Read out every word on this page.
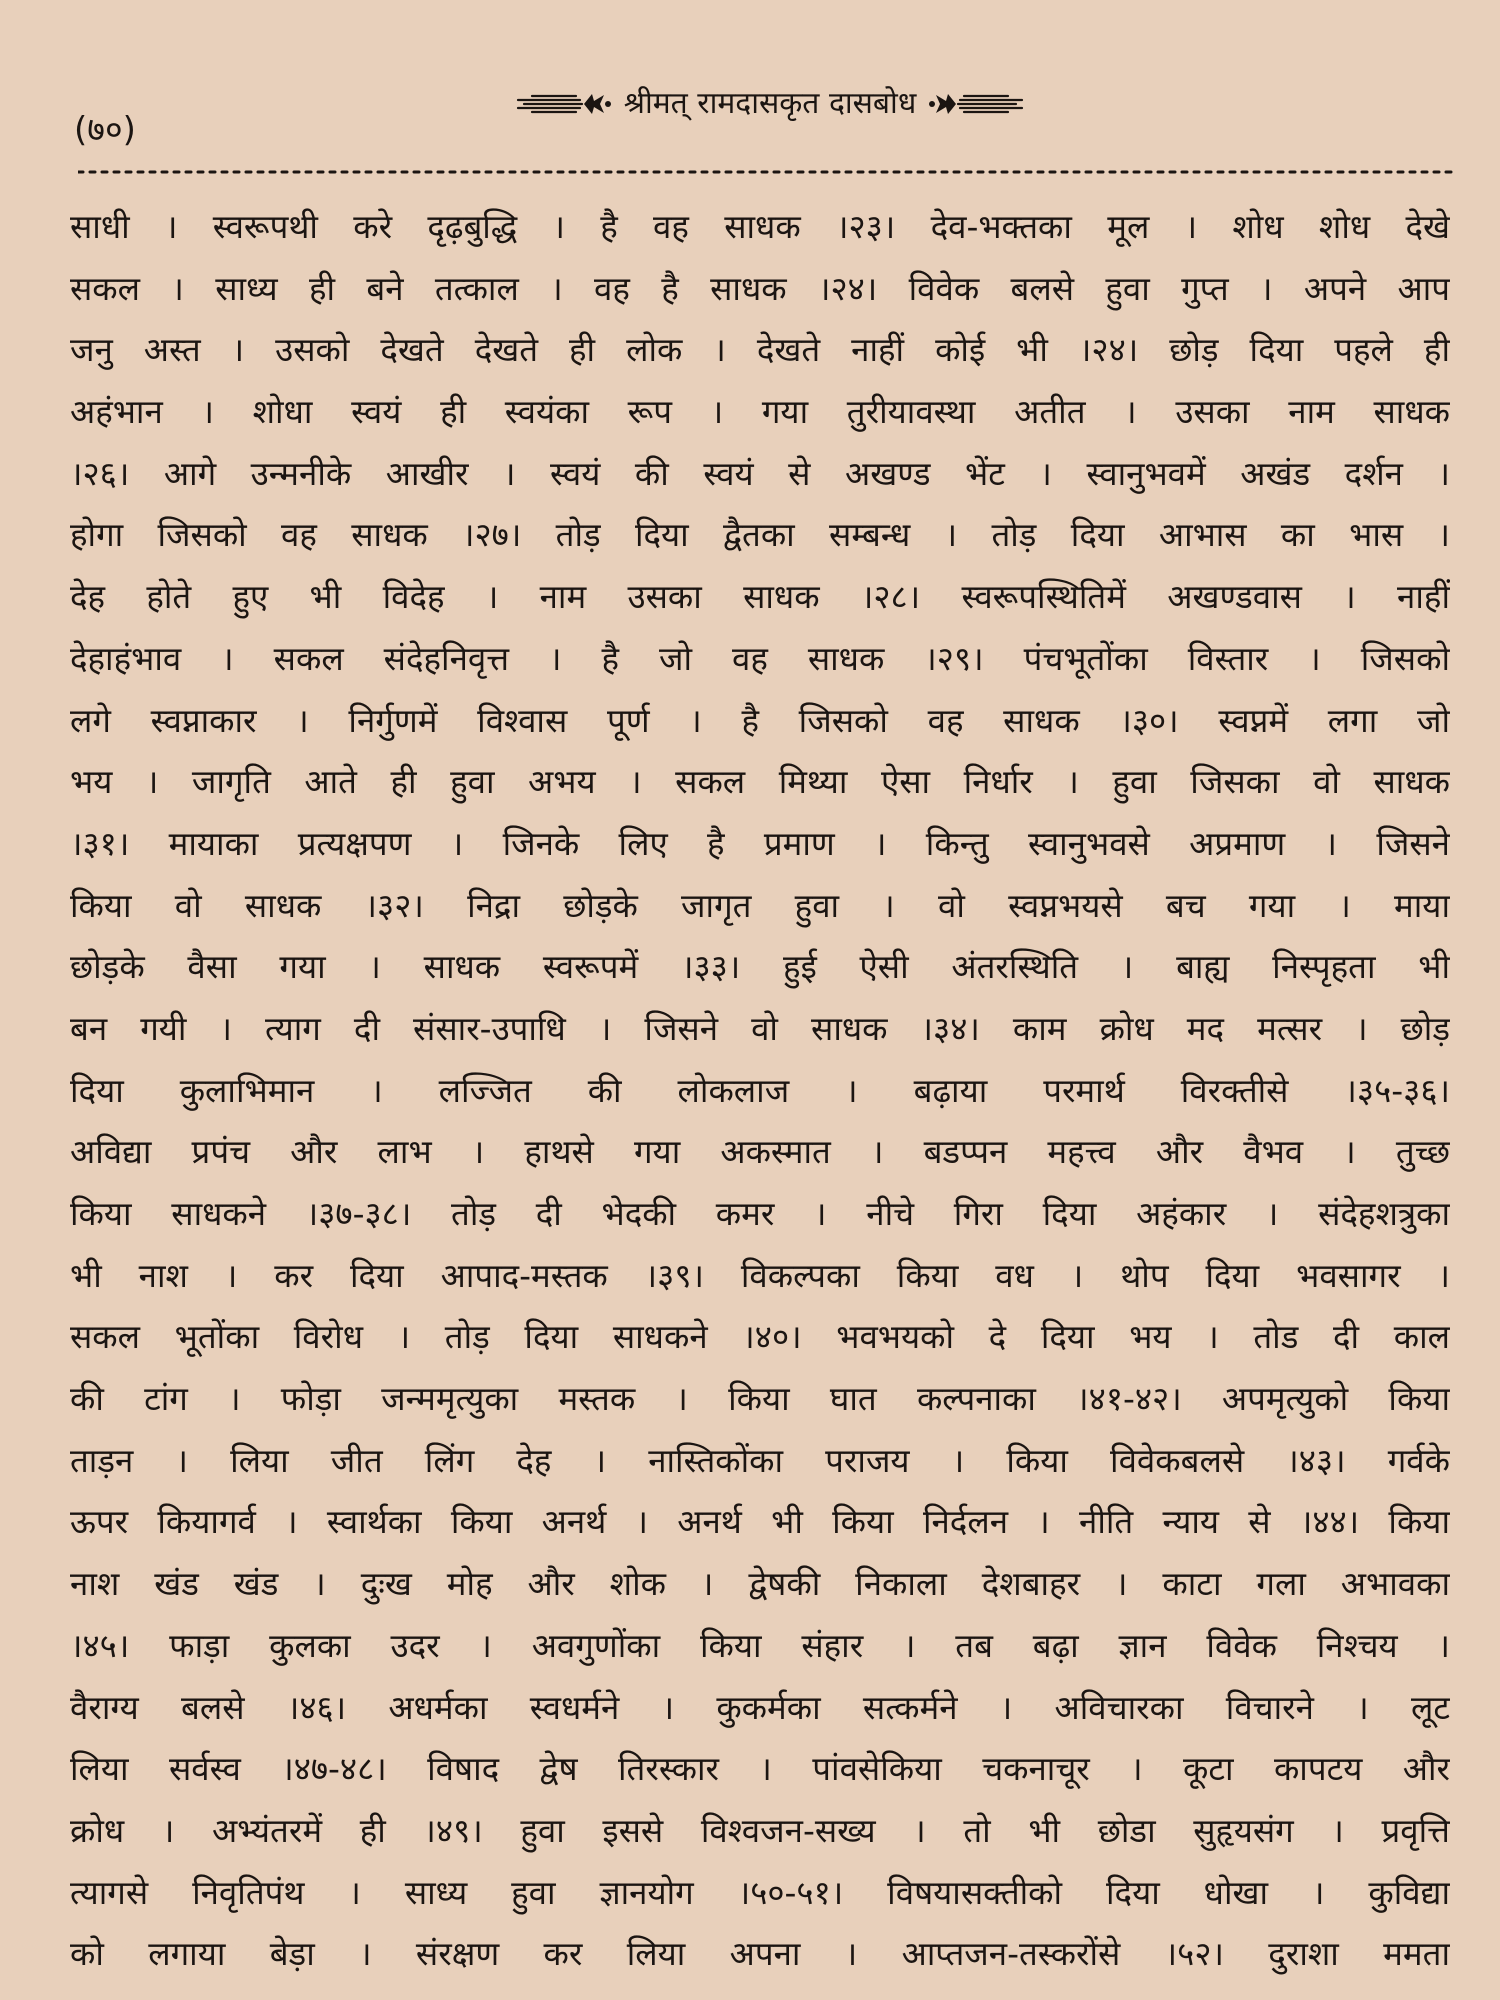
(७०)
श्रीमत् रामदासकृत दासबोध
साधी । स्वरूपथी करे दृढ़बुद्धि । है वह साधक ।२३। देव-भक्तका मूल । शोध शोध देखे
सकल । साध्य ही बने तत्काल । वह है साधक ।२४। विवेक बलसे हुवा गुप्त । अपने आप
जनु अस्त । उसको देखते देखते ही लोक । देखते नाहीं कोई भी ।२४। छोड़ दिया पहले ही
अहंभान । शोधा स्वयं ही स्वयंका रूप । गया तुरीयावस्था अतीत । उसका नाम साधक
।२६। आगे उन्मनीके आखीर । स्वयं की स्वयं से अखण्ड भेंट । स्वानुभवमें अखंड दर्शन ।
होगा जिसको वह साधक ।२७। तोड़ दिया द्वैतका सम्बन्ध । तोड़ दिया आभास का भास ।
देह होते हुए भी विदेह । नाम उसका साधक ।२८। स्वरूपस्थितिमें अखण्डवास । नाहीं
देहाहंभाव । सकल संदेहनिवृत्त । है जो वह साधक ।२९। पंचभूतोंका विस्तार । जिसको
लगे स्वप्नाकार । निर्गुणमें विश्वास पूर्ण । है जिसको वह साधक ।३०। स्वप्नमें लगा जो
भय । जागृति आते ही हुवा अभय । सकल मिथ्या ऐसा निर्धार । हुवा जिसका वो साधक
।३१। मायाका प्रत्यक्षपण । जिनके लिए है प्रमाण । किन्तु स्वानुभवसे अप्रमाण । जिसने
किया वो साधक ।३२। निद्रा छोड़के जागृत हुवा । वो स्वप्नभयसे बच गया । माया
छोड़के वैसा गया । साधक स्वरूपमें ।३३। हुई ऐसी अंतरस्थिति । बाह्य निस्पृहता भी
बन गयी । त्याग दी संसार-उपाधि । जिसने वो साधक ।३४। काम क्रोध मद मत्सर । छोड़
दिया कुलाभिमान । लज्जित की लोकलाज । बढ़ाया परमार्थ विरक्तीसे ।३५-३६।
अविद्या प्रपंच और लाभ । हाथसे गया अकस्मात । बडप्पन महत्त्व और वैभव । तुच्छ
किया साधकने ।३७-३८। तोड़ दी भेदकी कमर । नीचे गिरा दिया अहंकार । संदेहशत्रुका
भी नाश । कर दिया आपाद-मस्तक ।३९। विकल्पका किया वध । थोप दिया भवसागर ।
सकल भूतोंका विरोध । तोड़ दिया साधकने ।४०। भवभयको दे दिया भय । तोड दी काल
की टांग । फोड़ा जन्ममृत्युका मस्तक । किया घात कल्पनाका ।४१-४२। अपमृत्युको किया
ताड़न । लिया जीत लिंग देह । नास्तिकोंका पराजय । किया विवेकबलसे ।४३। गर्वके
ऊपर कियागर्व । स्वार्थका किया अनर्थ । अनर्थ भी किया निर्दलन । नीति न्याय से ।४४। किया
नाश खंड खंड । दुःख मोह और शोक । द्वेषकी निकाला देशबाहर । काटा गला अभावका
।४५। फाड़ा कुलका उदर । अवगुणोंका किया संहार । तब बढ़ा ज्ञान विवेक निश्चय ।
वैराग्य बलसे ।४६। अधर्मका स्वधर्मने । कुकर्मका सत्कर्मने । अविचारका विचारने । लूट
लिया सर्वस्व ।४७-४८। विषाद द्वेष तिरस्कार । पांवसेकिया चकनाचूर । कूटा कापटय और
क्रोध । अभ्यंतरमें ही ।४९। हुवा इससे विश्वजन-सख्य । तो भी छोडा सुहृयसंग । प्रवृत्ति
त्यागसे निवृतिपंथ । साध्य हुवा ज्ञानयोग ।५०-५१। विषयासक्तीको दिया धोखा । कुविद्या
को लगाया बेड़ा । संरक्षण कर लिया अपना । आप्तजन-तस्करोंसे ।५२। दुराशा ममता
